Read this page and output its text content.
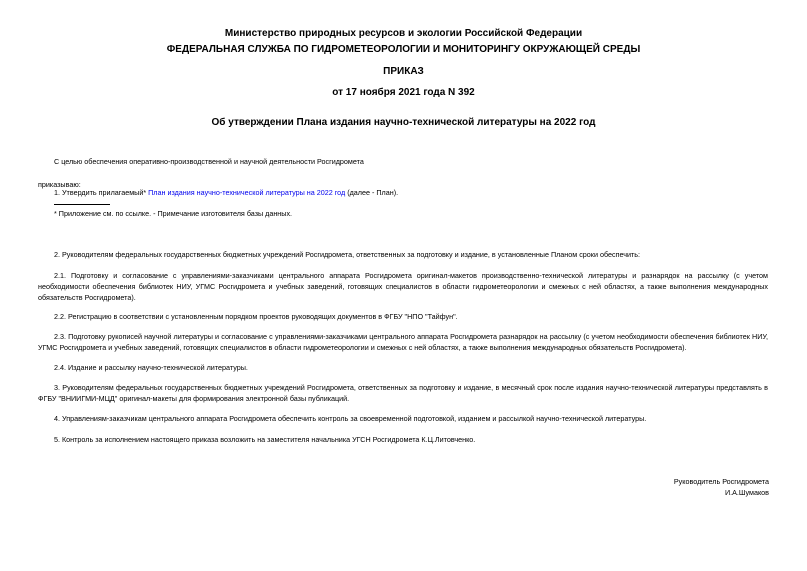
Министерство природных ресурсов и экологии Российской Федерации
ФЕДЕРАЛЬНАЯ СЛУЖБА ПО ГИДРОМЕТЕОРОЛОГИИ И МОНИТОРИНГУ ОКРУЖАЮЩЕЙ СРЕДЫ
ПРИКАЗ
от 17 ноября 2021 года N 392
Об утверждении Плана издания научно-технической литературы на 2022 год
С целью обеспечения оперативно-производственной и научной деятельности Росгидромета
приказываю:
1. Утвердить прилагаемый* План издания научно-технической литературы на 2022 год (далее - План).
* Приложение см. по ссылке. - Примечание изготовителя базы данных.
2. Руководителям федеральных государственных бюджетных учреждений Росгидромета, ответственных за подготовку и издание, в установленные Планом сроки обеспечить:
2.1. Подготовку и согласование с управлениями-заказчиками центрального аппарата Росгидромета оригинал-макетов производственно-технической литературы и разнарядок на рассылку (с учетом необходимости обеспечения библиотек НИУ, УГМС Росгидромета и учебных заведений, готовящих специалистов в области гидрометеорологии и смежных с ней областях, а также выполнения международных обязательств Росгидромета).
2.2. Регистрацию в соответствии с установленным порядком проектов руководящих документов в ФГБУ "НПО "Тайфун".
2.3. Подготовку рукописей научной литературы и согласование с управлениями-заказчиками центрального аппарата Росгидромета разнарядок на рассылку (с учетом необходимости обеспечения библиотек НИУ, УГМС Росгидромета и учебных заведений, готовящих специалистов в области гидрометеорологии и смежных с ней областях, а также выполнения международных обязательств Росгидромета).
2.4. Издание и рассылку научно-технической литературы.
3. Руководителям федеральных государственных бюджетных учреждений Росгидромета, ответственных за подготовку и издание, в месячный срок после издания научно-технической литературы представлять в ФГБУ "ВНИИГМИ-МЦД" оригинал-макеты для формирования электронной базы публикаций.
4. Управлениям-заказчикам центрального аппарата Росгидромета обеспечить контроль за своевременной подготовкой, изданием и рассылкой научно-технической литературы.
5. Контроль за исполнением настоящего приказа возложить на заместителя начальника УГСН Росгидромета К.Ц.Литовченко.
Руководитель Росгидромета
И.А.Шумаков
